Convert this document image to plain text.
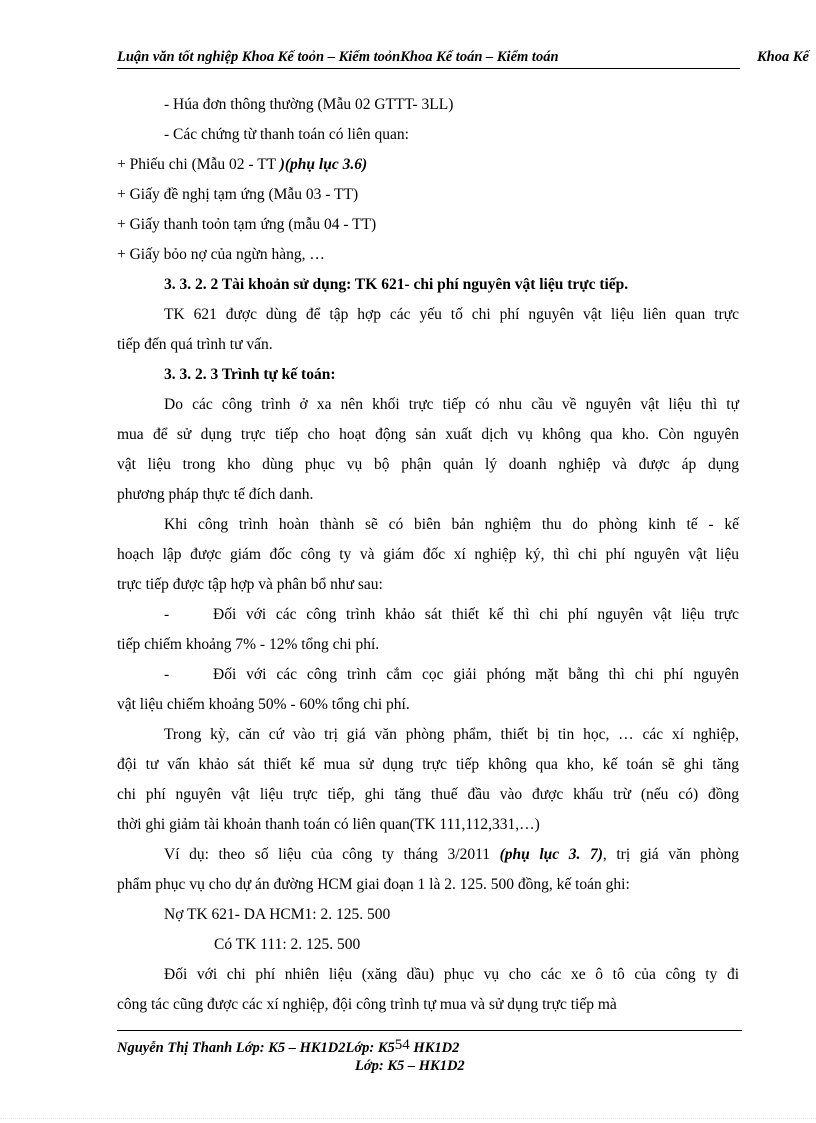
Luận văn tốt nghiệp Khoa Kế toỏn – Kiểm toỏnKhoa Kế toán – Kiểm toán	Khoa Kế
- Húa đơn thông thường (Mẫu 02 GTTT- 3LL)
- Các chứng từ thanh toán có liên quan:
+ Phiếu chi (Mẫu 02 - TT )(phụ lục 3.6)
+ Giấy đề nghị tạm ứng (Mẫu 03 - TT)
+ Giấy thanh toỏn tạm ứng (mẫu 04 - TT)
+ Giấy bỏo nợ của ngừn hàng, …
3. 3. 2. 2 Tài khoản sử dụng: TK 621- chi phí nguyên vật liệu trực tiếp.
TK 621 được dùng để tập hợp các yếu tố chi phí nguyên vật liệu liên quan trực
tiếp đến quá trình tư vấn.
3. 3. 2. 3 Trình tự kế toán:
Do các công trình ở xa nên khối trực tiếp có nhu cầu về nguyên vật liệu thì tự
mua để sử dụng trực tiếp cho hoạt động sản xuất dịch vụ không qua kho. Còn nguyên
vật liệu trong kho dùng phục vụ bộ phận quản lý doanh nghiệp và được áp dụng
phương pháp thực tế đích danh.
Khi công trình hoàn thành sẽ có biên bản nghiệm thu do phòng kinh tế - kế
hoạch lập được giám đốc công ty và giám đốc xí nghiệp ký, thì chi phí nguyên vật liệu
trực tiếp được tập hợp và phân bổ như sau:
-	Đối với các công trình khảo sát thiết kế thì chi phí nguyên vật liệu trực
tiếp chiếm khoảng 7% - 12% tổng chi phí.
-	Đối với các công trình cắm cọc giải phóng mặt bằng thì chi phí nguyên
vật liệu chiếm khoảng 50% - 60% tổng chi phí.
Trong kỳ, căn cứ vào trị giá văn phòng phẩm, thiết bị tin học, … các xí nghiệp,
đội tư vấn khảo sát thiết kế mua sử dụng trực tiếp không qua kho, kế toán sẽ ghi tăng
chi phí nguyên vật liệu trực tiếp, ghi tăng thuế đầu vào được khấu trừ (nếu có) đồng
thời ghi giảm tài khoản thanh toán có liên quan(TK 111,112,331,…)
Ví dụ: theo số liệu của công ty tháng 3/2011 (phụ lục 3. 7), trị giá văn phòng
phẩm phục vụ cho dự án đường HCM giai đoạn 1 là 2. 125. 500 đồng, kế toán ghi:
Nợ TK 621- DA HCM1: 2. 125. 500
Có TK 111: 2. 125. 500
Đối với chi phí nhiên liệu (xăng dầu) phục vụ cho các xe ô tô của công ty đi
công tác cũng được các xí nghiệp, đội công trình tự mua và sử dụng trực tiếp mà
Nguyễn Thị Thanh Lớp: K5 – HK1D2Lớp: K554 HK1D2
Lớp: K5 – HK1D2
